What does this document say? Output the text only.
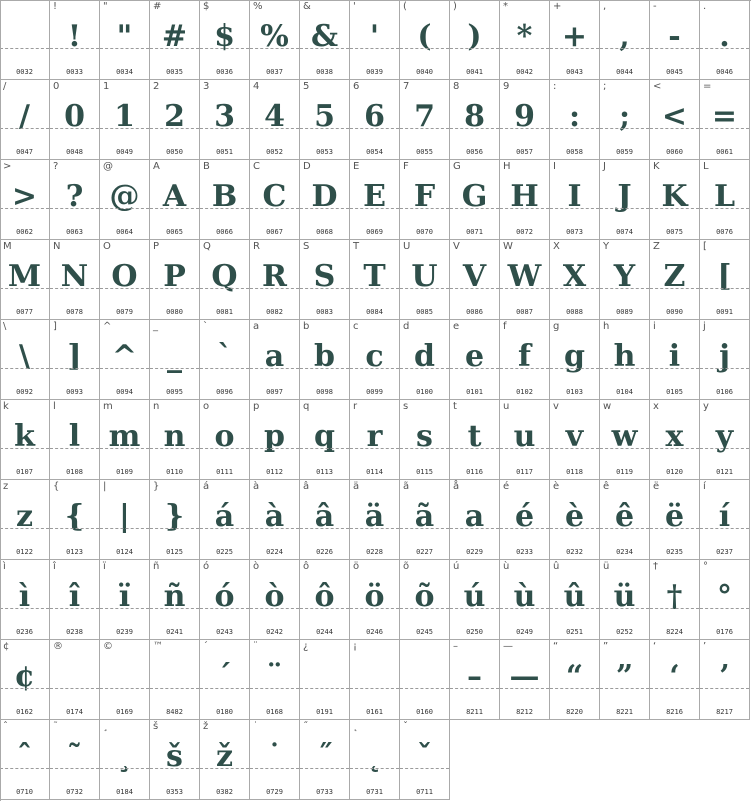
0032
!
!
0033
"
"
0034
#
#
0035
$
$
0036
%
%
0037
&
&
0038
'
'
0039
(
(
0040
)
)
0041
*
*
0042
+
+
0043
,
,
0044
-
-
0045
.
.
0046
/
/
0047
0
0
0048
1
1
0049
2
2
0050
3
3
0051
4
4
0052
5
5
0053
6
6
0054
7
7
0055
8
8
0056
9
9
0057
:
:
0058
;
;
0059
<
<
0060
=
=
0061
>
>
0062
?
?
0063
@
@
0064
A
A
0065
B
B
0066
C
C
0067
D
D
0068
E
E
0069
F
F
0070
G
G
0071
H
H
0072
I
I
0073
J
J
0074
K
K
0075
L
L
0076
M
M
0077
N
N
0078
O
O
0079
P
P
0080
Q
Q
0081
R
R
0082
S
S
0083
T
T
0084
U
U
0085
V
V
0086
W
W
0087
X
X
0088
Y
Y
0089
Z
Z
0090
[
[
0091
\
\
0092
]
]
0093
^
^
0094
_
_
0095
`
`
0096
a
a
0097
b
b
0098
c
c
0099
d
d
0100
e
e
0101
f
f
0102
g
g
0103
h
h
0104
i
i
0105
j
j
0106
k
k
0107
l
l
0108
m
m
0109
n
n
0110
o
o
0111
p
p
0112
q
q
0113
r
r
0114
s
s
0115
t
t
0116
u
u
0117
v
v
0118
w
w
0119
x
x
0120
y
y
0121
z
z
0122
{
{
0123
|
|
0124
}
}
0125
á
á
0225
à
à
0224
â
â
0226
ä
ä
0228
ã
ã
0227
å
a
0229
é
é
0233
è
è
0232
ê
ê
0234
ë
ë
0235
í
í
0237
ì
ì
0236
î
î
0238
ï
ï
0239
ñ
ñ
0241
ó
ó
0243
ò
ò
0242
ô
ô
0244
ö
ö
0246
õ
õ
0245
ú
ú
0250
ù
ù
0249
û
û
0251
ü
ü
0252
†
†
8224
°
°
0176
¢
¢
0162
®
0174
©
0169
™
8482
´
´
0180
¨
¨
0168
¿
0191
¡
0161	0160
–
–
8211
—
—
8212
“
“
8220
”
”
8221
‘
‘
8216
’
’
8217
ˆ
ˆ
0710
˜
˜
0732
¸
¸
0184
š
š
0353
ž
ž
0382
˙
˙
0729
˝
˝
0733
˛
˛
0731
ˇ
ˇ
0711
